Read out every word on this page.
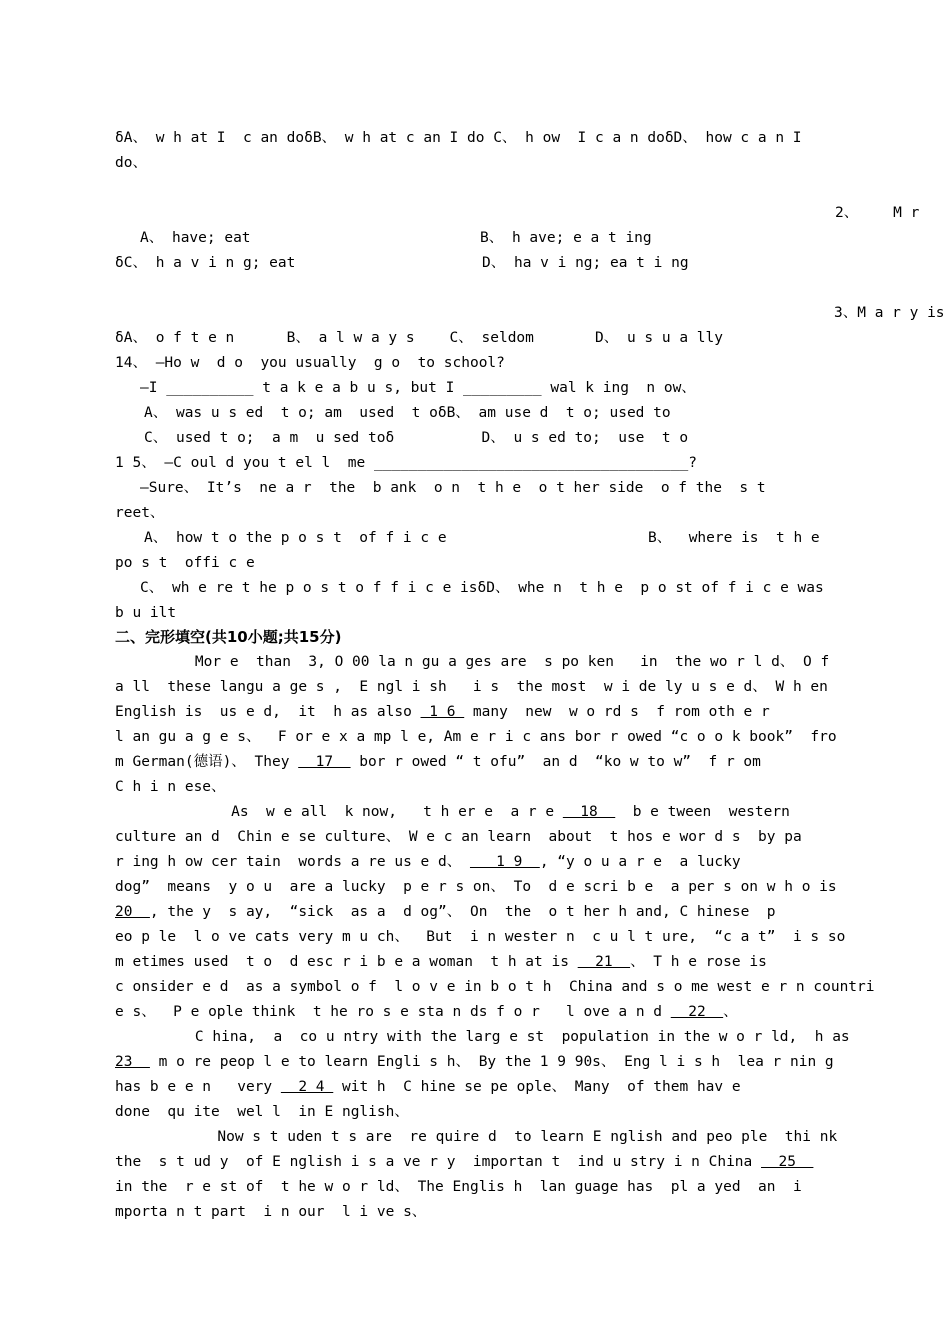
δA、 w h at I  c an doδB、 w h at c an I do C、 h ow  I c a n doδD、 how c a n I
do、
2、    M r
A、 have; eat	B、 h ave; e a t ing
δC、 h a v i n g; eat	D、 ha v i ng; ea t i ng
3、M a r y is
δA、 o f t e n      B、 a l w a y s    C、 seldom       D、 u s u a lly
14、 —Ho w  d o  you usually  g o  to school?
—I __________ t a k e a b u s, but I _________ wal k ing  n ow、
A、 was u s ed  t o; am  used  t oδB、 am use d  t o; used to
C、 used t o;  a m  u sed toδ          D、 u s ed to;  use  t o
1 5、 —C oul d you t el l  me ____________________________________?
—Sure、 It’s  ne a r  the  b ank  o n  t h e  o t her side  o f the  s t
reet、
A、 how t o the p o s t  of f i c e	B、  where is  t h e
po s t  offi c e
C、 wh e re t he p o s t o f f i c e isδD、 whe n  t h e  p o st of f i c e was
b u ilt
二、完形填空(共10小题;共15分)
Mor e  than  3, O 00 la n gu a ges are  s po ken   in  the wo r l d、 O f
a ll  these langu a ge s ,  E ngl i sh   i s  the most  w i de ly u s e d、 W h en
English is  us e d,  it  h as also  1 6  many  new  w o rd s  f rom oth e r
l an gu a g e s、  F or e x a mp l e, Am e r i c ans bor r owed “c o o k book”  fro
m German(德语)、 They   17   bor r owed “ t ofu”  an d  “ko w to w”  f r om
C h i n ese、
As  w e all  k now,   t h er e  a r e   18    b e tween  western
culture an d  Chin e se culture、 W e c an learn  about  t hos e wor d s  by pa
r ing h ow cer tain  words a re us e d、    1 9  , “y o u a r e  a lucky
dog”  means  y o u  are a lucky  p e r s on、 To  d e scri b e  a per s on w h o is
20  , the y  s ay,  “sick  as a  d og”、 On  the  o t her h and, C hinese  p
eo p le  l o ve cats very m u ch、  But  i n wester n  c u l t ure,  “c a t”  i s so
m etimes used  t o  d esc r i b e a woman  t h at is   21  、 T h e rose is
c onsider e d  as a symbol o f  l o v e in b o t h  China and s o me west e r n countri
e s、  P e ople think  t he ro s e sta n ds f o r   l ove a n d   22  、
C hina,  a  co u ntry with the larg e st  population in the w o r ld,  h as
23   m o re peop l e to learn Engli s h、 By the 1 9 90s、 Eng l i s h  lea r nin g
has b e e n   very   2 4  wit h  C hine se pe ople、 Many  of them hav e
done  qu ite  wel l  in E nglish、
Now s t uden t s are  re quire d  to learn E nglish and peo ple  thi nk
the  s t ud y  of E nglish i s a ve r y  importan t  ind u stry i n China   25
in the  r e st of  t he w o r ld、 The Englis h  lan guage has  pl a yed  an  i
mporta n t part  i n our  l i ve s、
